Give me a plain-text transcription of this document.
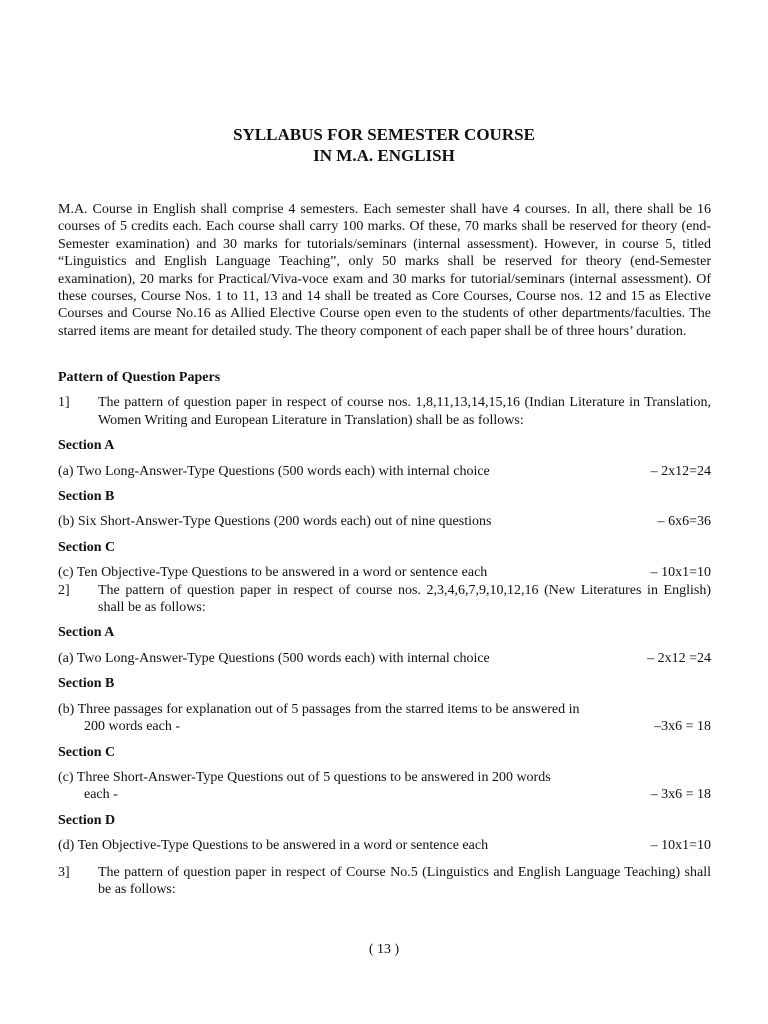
SYLLABUS FOR SEMESTER COURSE
IN M.A. ENGLISH

M.A. Course in English shall comprise 4 semesters. Each semester shall have 4 courses. In all, there shall be 16 courses of 5 credits each. Each course shall carry 100 marks. Of these, 70 marks shall be reserved for theory (end-Semester examination) and 30 marks for tutorials/seminars (internal assessment). However, in course 5, titled “Linguistics and English Language Teaching”, only 50 marks shall be reserved for theory (end-Semester examination), 20 marks for Practical/Viva-voce exam and 30 marks for tutorial/seminars (internal assessment). Of these courses, Course Nos. 1 to 11, 13 and 14 shall be treated as Core Courses, Course nos. 12 and 15 as Elective Courses and Course No.16 as Allied Elective Course open even to the students of other departments/faculties. The starred items are meant for detailed study. The theory component of each paper shall be of three hours’ duration.

Pattern of Question Papers

1] The pattern of question paper in respect of course nos. 1,8,11,13,14,15,16 (Indian Literature in Translation, Women Writing and European Literature in Translation) shall be as follows:

Section A

(a) Two Long-Answer-Type Questions (500 words each) with internal choice	– 2x12=24

Section B

(b) Six Short-Answer-Type Questions (200 words each) out of nine questions	– 6x6=36

Section C

(c) Ten Objective-Type Questions to be answered in a word or sentence each	– 10x1=10
2] The pattern of question paper in respect of course nos. 2,3,4,6,7,9,10,12,16 (New Literatures in English) shall be as follows:

Section A

(a) Two Long-Answer-Type Questions (500 words each) with internal choice	– 2x12 =24

Section B

(b) Three passages for explanation out of 5 passages from the starred items to be answered in
200 words each -	–3x6 = 18

Section C

(c) Three Short-Answer-Type Questions out of 5 questions to be answered in 200 words
each -	– 3x6 = 18

Section D

(d) Ten Objective-Type Questions to be answered in a word or sentence each	– 10x1=10
3] The pattern of question paper in respect of Course No.5 (Linguistics and English Language Teaching) shall be as follows:
( 13 )
